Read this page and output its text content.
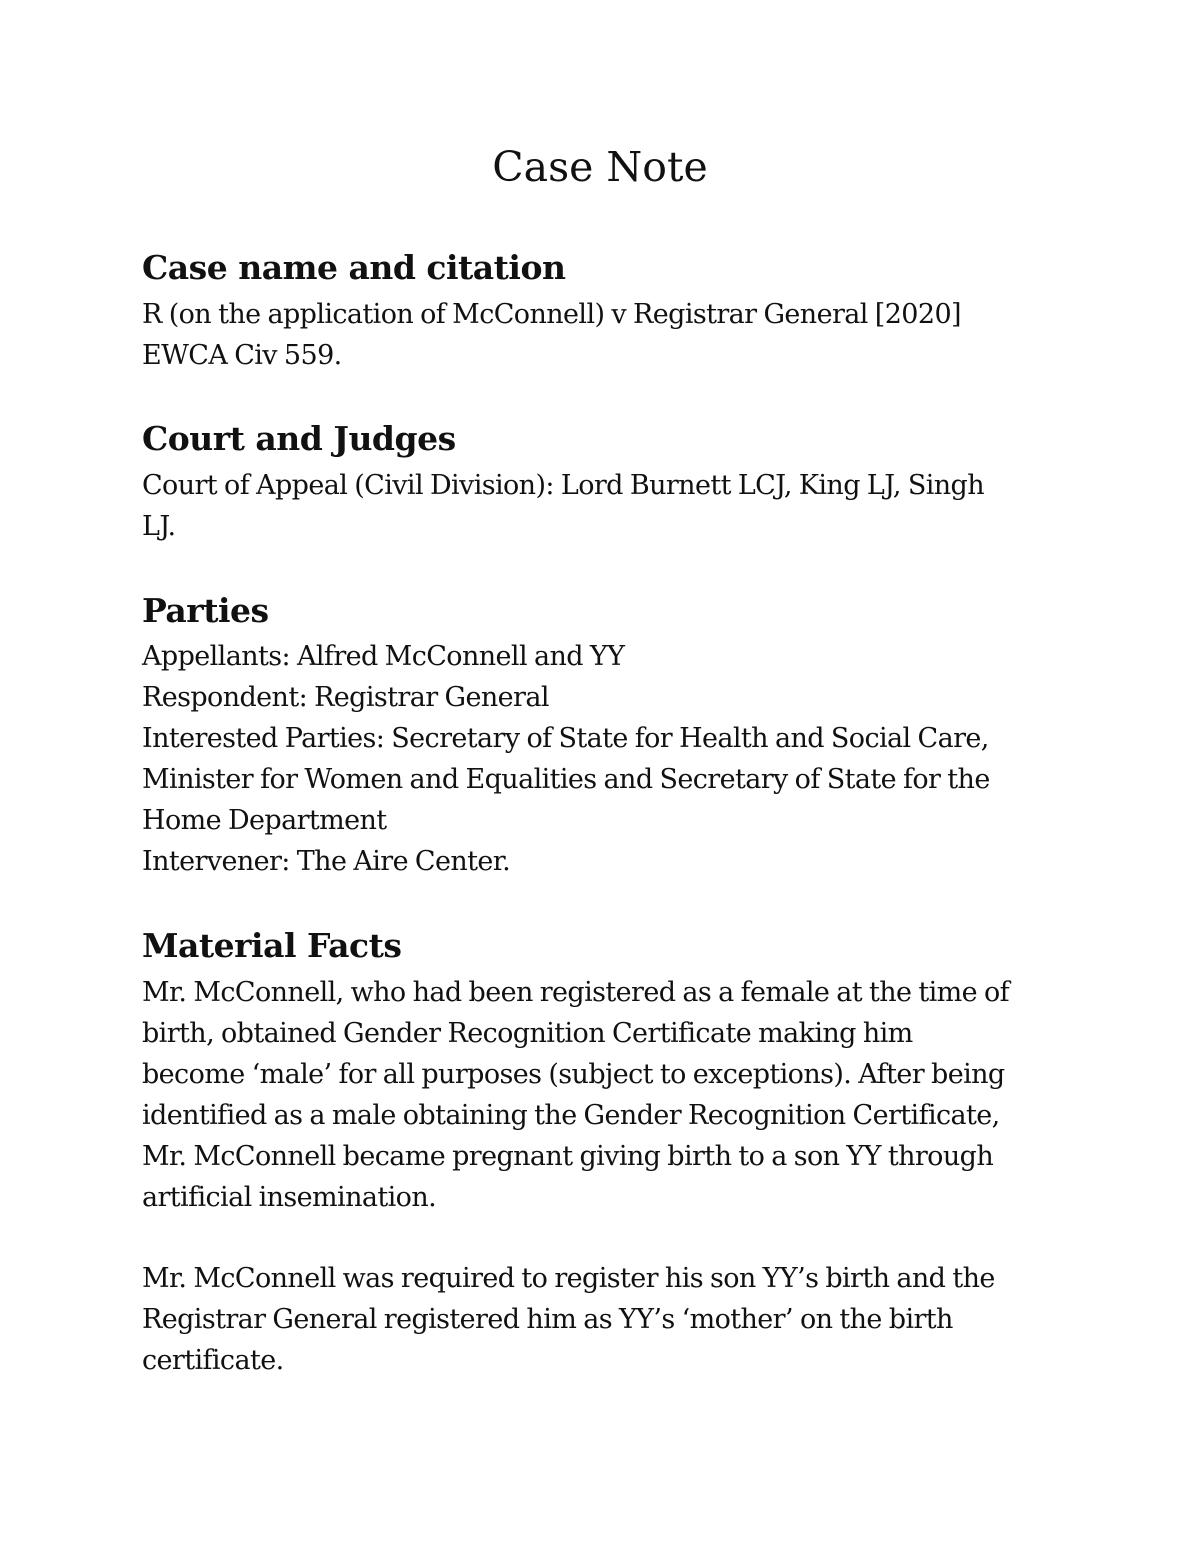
Case Note
Case name and citation
R (on the application of McConnell) v Registrar General [2020]
EWCA Civ 559.
Court and Judges
Court of Appeal (Civil Division): Lord Burnett LCJ, King LJ, Singh
LJ.
Parties
Appellants: Alfred McConnell and YY
Respondent: Registrar General
Interested Parties: Secretary of State for Health and Social Care,
Minister for Women and Equalities and Secretary of State for the
Home Department
Intervener: The Aire Center.
Material Facts
Mr. McConnell, who had been registered as a female at the time of
birth, obtained Gender Recognition Certificate making him
become ‘male’ for all purposes (subject to exceptions). After being
identified as a male obtaining the Gender Recognition Certificate,
Mr. McConnell became pregnant giving birth to a son YY through
artificial insemination.
Mr. McConnell was required to register his son YY’s birth and the
Registrar General registered him as YY’s ‘mother’ on the birth
certificate.
